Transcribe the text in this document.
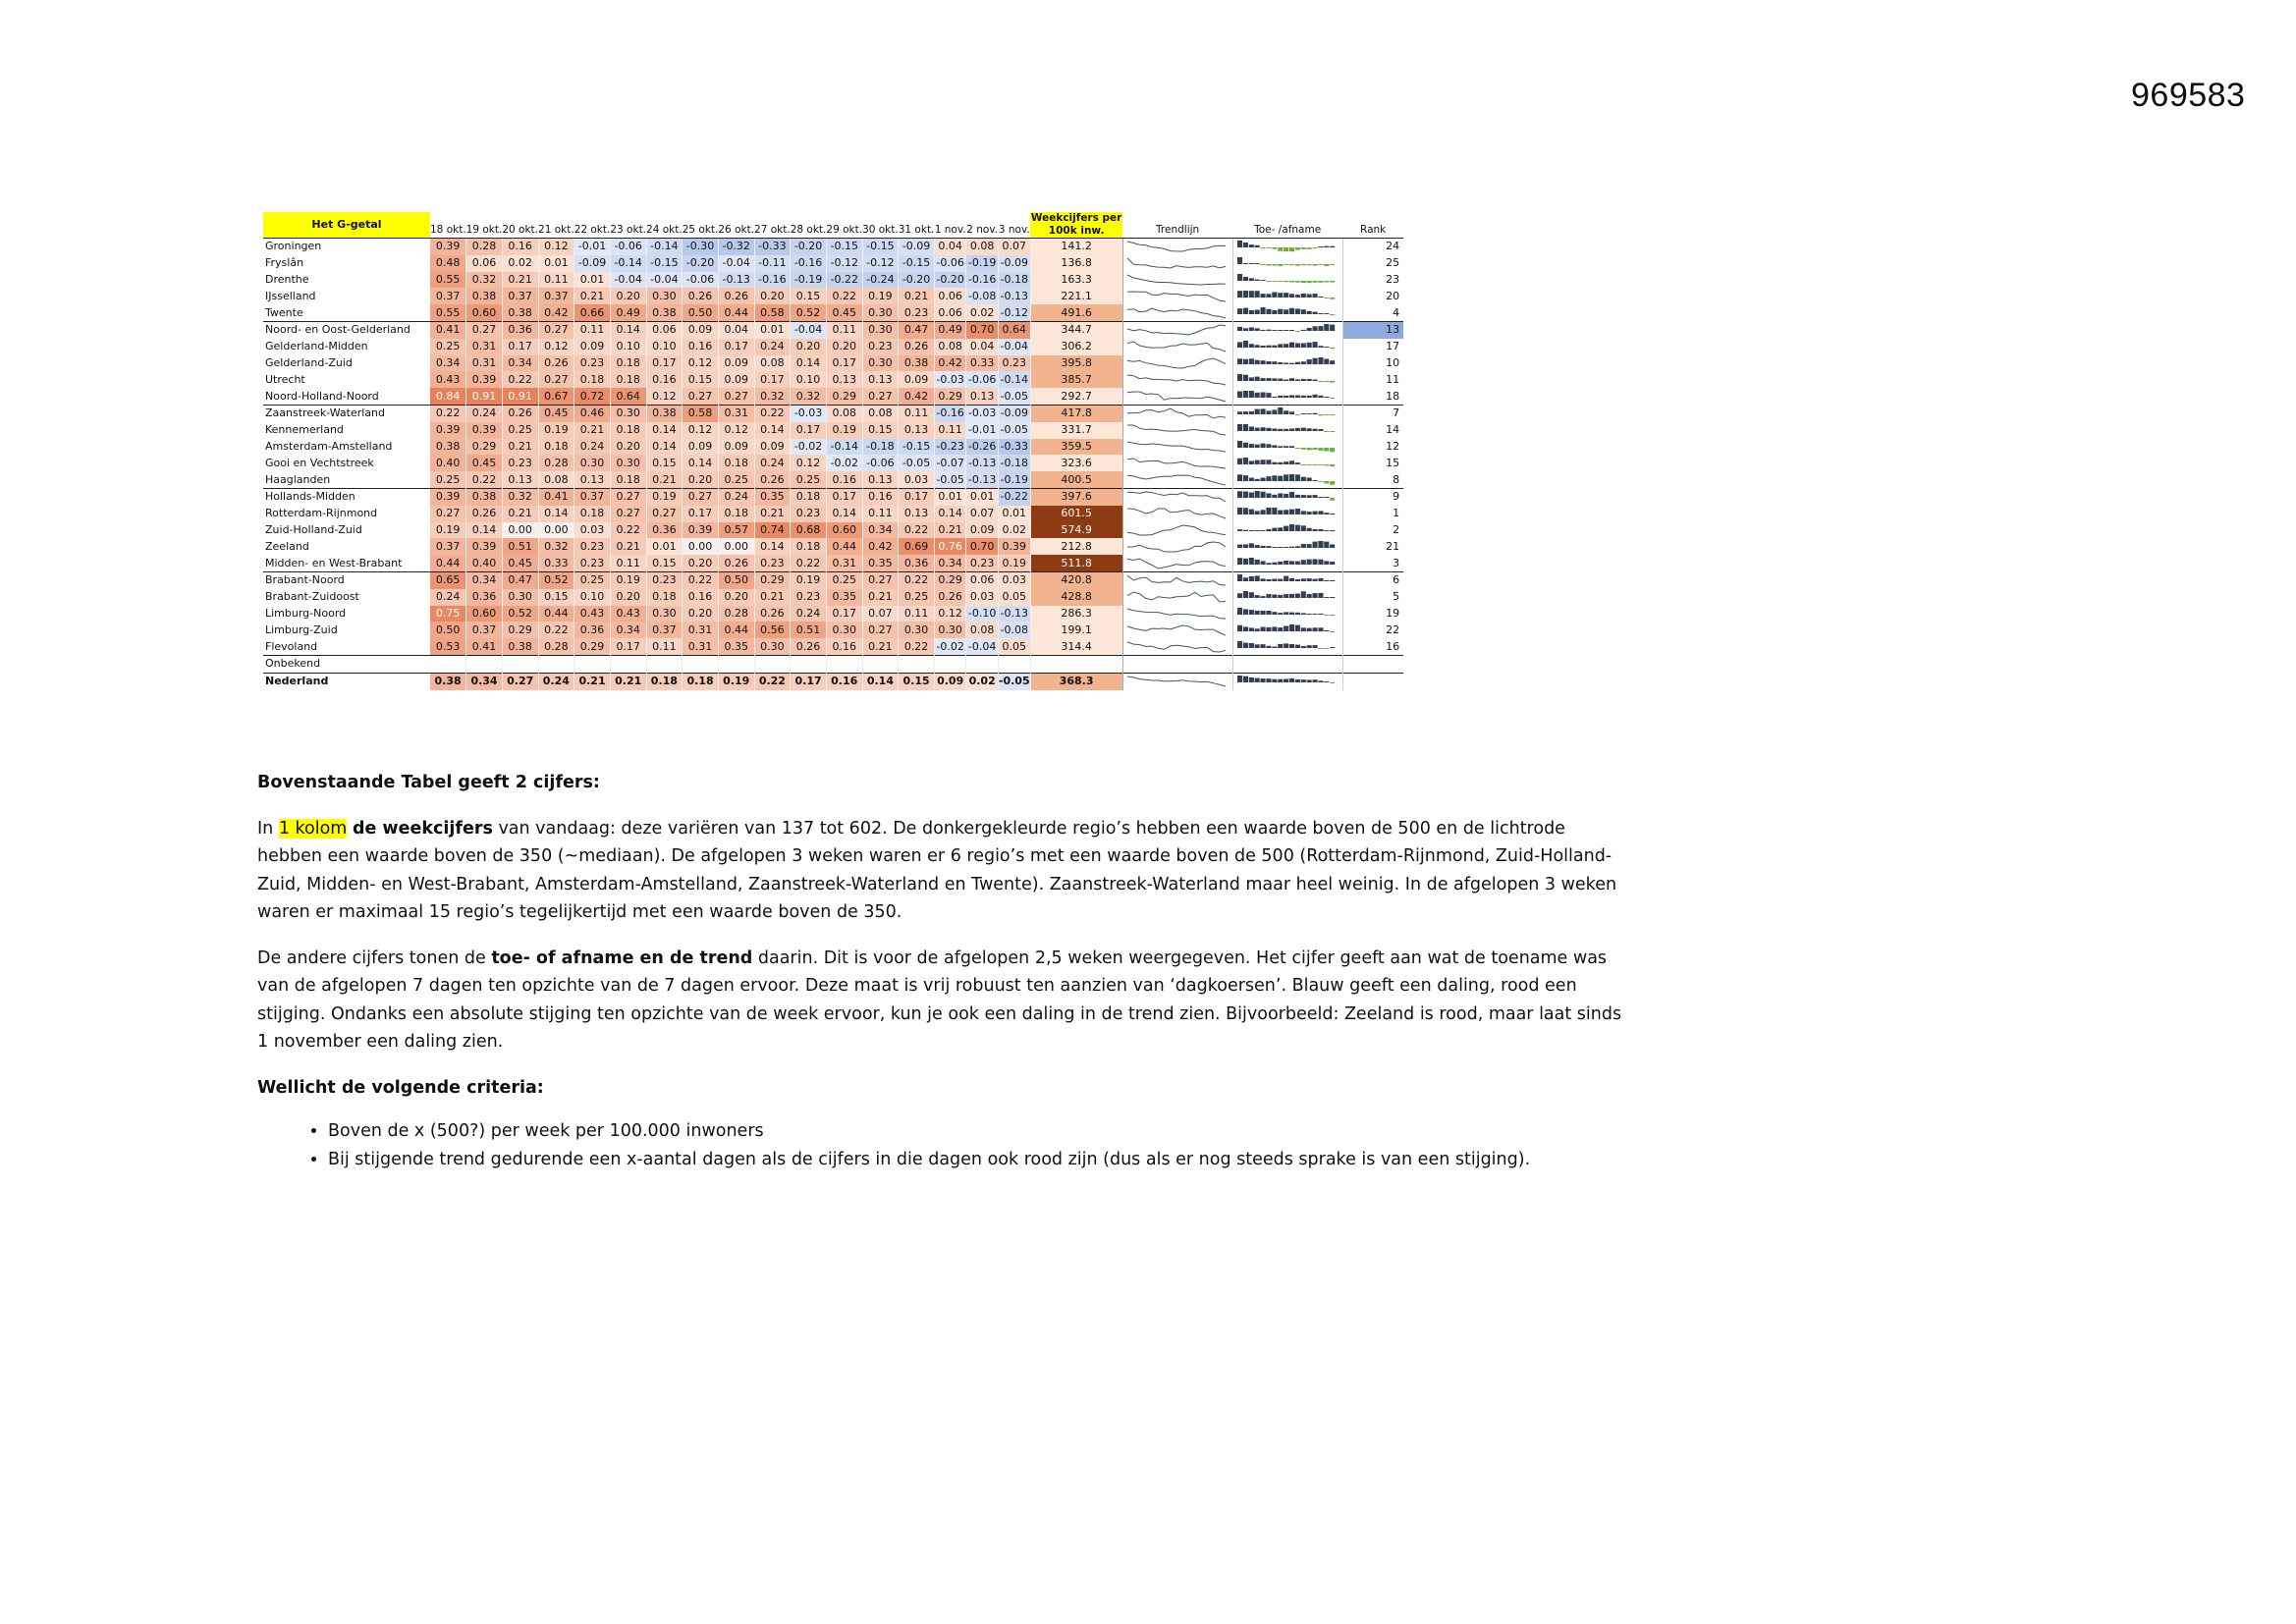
969583
Het G-getal	18 okt.	19 okt.	20 okt.	21 okt.	22 okt.	23 okt.	24 okt.	25 okt.	26 okt.	27 okt.	28 okt.	29 okt.	30 okt.	31 okt.	1 nov.	2 nov.	3 nov.	Weekcijfers per 100k inw.	Trendlijn	Toe- /afname	Rank
Groningen	0.39	0.28	0.16	0.12	-0.01	-0.06	-0.14	-0.30	-0.32	-0.33	-0.20	-0.15	-0.15	-0.09	0.04	0.08	0.07	141.2			24
Fryslân	0.48	0.06	0.02	0.01	-0.09	-0.14	-0.15	-0.20	-0.04	-0.11	-0.16	-0.12	-0.12	-0.15	-0.06	-0.19	-0.09	136.8			25
Drenthe	0.55	0.32	0.21	0.11	0.01	-0.04	-0.04	-0.06	-0.13	-0.16	-0.19	-0.22	-0.24	-0.20	-0.20	-0.16	-0.18	163.3			23
IJsselland	0.37	0.38	0.37	0.37	0.21	0.20	0.30	0.26	0.26	0.20	0.15	0.22	0.19	0.21	0.06	-0.08	-0.13	221.1			20
Twente	0.55	0.60	0.38	0.42	0.66	0.49	0.38	0.50	0.44	0.58	0.52	0.45	0.30	0.23	0.06	0.02	-0.12	491.6			4
Noord- en Oost-Gelderland	0.41	0.27	0.36	0.27	0.11	0.14	0.06	0.09	0.04	0.01	-0.04	0.11	0.30	0.47	0.49	0.70	0.64	344.7			13
Gelderland-Midden	0.25	0.31	0.17	0.12	0.09	0.10	0.10	0.16	0.17	0.24	0.20	0.20	0.23	0.26	0.08	0.04	-0.04	306.2			17
Gelderland-Zuid	0.34	0.31	0.34	0.26	0.23	0.18	0.17	0.12	0.09	0.08	0.14	0.17	0.30	0.38	0.42	0.33	0.23	395.8			10
Utrecht	0.43	0.39	0.22	0.27	0.18	0.18	0.16	0.15	0.09	0.17	0.10	0.13	0.13	0.09	-0.03	-0.06	-0.14	385.7			11
Noord-Holland-Noord	0.84	0.91	0.91	0.67	0.72	0.64	0.12	0.27	0.27	0.32	0.32	0.29	0.27	0.42	0.29	0.13	-0.05	292.7			18
Zaanstreek-Waterland	0.22	0.24	0.26	0.45	0.46	0.30	0.38	0.58	0.31	0.22	-0.03	0.08	0.08	0.11	-0.16	-0.03	-0.09	417.8			7
Kennemerland	0.39	0.39	0.25	0.19	0.21	0.18	0.14	0.12	0.12	0.14	0.17	0.19	0.15	0.13	0.11	-0.01	-0.05	331.7			14
Amsterdam-Amstelland	0.38	0.29	0.21	0.18	0.24	0.20	0.14	0.09	0.09	0.09	-0.02	-0.14	-0.18	-0.15	-0.23	-0.26	-0.33	359.5			12
Gooi en Vechtstreek	0.40	0.45	0.23	0.28	0.30	0.30	0.15	0.14	0.18	0.24	0.12	-0.02	-0.06	-0.05	-0.07	-0.13	-0.18	323.6			15
Haaglanden	0.25	0.22	0.13	0.08	0.13	0.18	0.21	0.20	0.25	0.26	0.25	0.16	0.13	0.03	-0.05	-0.13	-0.19	400.5			8
Hollands-Midden	0.39	0.38	0.32	0.41	0.37	0.27	0.19	0.27	0.24	0.35	0.18	0.17	0.16	0.17	0.01	0.01	-0.22	397.6			9
Rotterdam-Rijnmond	0.27	0.26	0.21	0.14	0.18	0.27	0.27	0.17	0.18	0.21	0.23	0.14	0.11	0.13	0.14	0.07	0.01	601.5			1
Zuid-Holland-Zuid	0.19	0.14	0.00	0.00	0.03	0.22	0.36	0.39	0.57	0.74	0.68	0.60	0.34	0.22	0.21	0.09	0.02	574.9			2
Zeeland	0.37	0.39	0.51	0.32	0.23	0.21	0.01	0.00	0.00	0.14	0.18	0.44	0.42	0.69	0.76	0.70	0.39	212.8			21
Midden- en West-Brabant	0.44	0.40	0.45	0.33	0.23	0.11	0.15	0.20	0.26	0.23	0.22	0.31	0.35	0.36	0.34	0.23	0.19	511.8			3
Brabant-Noord	0.65	0.34	0.47	0.52	0.25	0.19	0.23	0.22	0.50	0.29	0.19	0.25	0.27	0.22	0.29	0.06	0.03	420.8			6
Brabant-Zuidoost	0.24	0.36	0.30	0.15	0.10	0.20	0.18	0.16	0.20	0.21	0.23	0.35	0.21	0.25	0.26	0.03	0.05	428.8			5
Limburg-Noord	0.75	0.60	0.52	0.44	0.43	0.43	0.30	0.20	0.28	0.26	0.24	0.17	0.07	0.11	0.12	-0.10	-0.13	286.3			19
Limburg-Zuid	0.50	0.37	0.29	0.22	0.36	0.34	0.37	0.31	0.44	0.56	0.51	0.30	0.27	0.30	0.30	0.08	-0.08	199.1			22
Flevoland	0.53	0.41	0.38	0.28	0.29	0.17	0.11	0.31	0.35	0.30	0.26	0.16	0.21	0.22	-0.02	-0.04	0.05	314.4			16
Onbekend																					
Nederland	0.38	0.34	0.27	0.24	0.21	0.21	0.18	0.18	0.19	0.22	0.17	0.16	0.14	0.15	0.09	0.02	-0.05	368.3	

Bovenstaande Tabel geeft 2 cijfers:

In 1 kolom de weekcijfers van vandaag: deze variëren van 137 tot 602. De donkergekleurde regio’s hebben een waarde boven de 500 en de lichtrode hebben een waarde boven de 350 (~mediaan). De afgelopen 3 weken waren er 6 regio’s met een waarde boven de 500 (Rotterdam-Rijnmond, Zuid-Holland-Zuid, Midden- en West-Brabant, Amsterdam-Amstelland, Zaanstreek-Waterland en Twente). Zaanstreek-Waterland maar heel weinig. In de afgelopen 3 weken waren er maximaal 15 regio’s tegelijkertijd met een waarde boven de 350.

De andere cijfers tonen de toe- of afname en de trend daarin. Dit is voor de afgelopen 2,5 weken weergegeven. Het cijfer geeft aan wat de toename was van de afgelopen 7 dagen ten opzichte van de 7 dagen ervoor. Deze maat is vrij robuust ten aanzien van ‘dagkoersen’. Blauw geeft een daling, rood een stijging. Ondanks een absolute stijging ten opzichte van de week ervoor, kun je ook een daling in de trend zien. Bijvoorbeeld: Zeeland is rood, maar laat sinds 1 november een daling zien.

Wellicht de volgende criteria:

• Boven de x (500?) per week per 100.000 inwoners
• Bij stijgende trend gedurende een x-aantal dagen als de cijfers in die dagen ook rood zijn (dus als er nog steeds sprake is van een stijging).
